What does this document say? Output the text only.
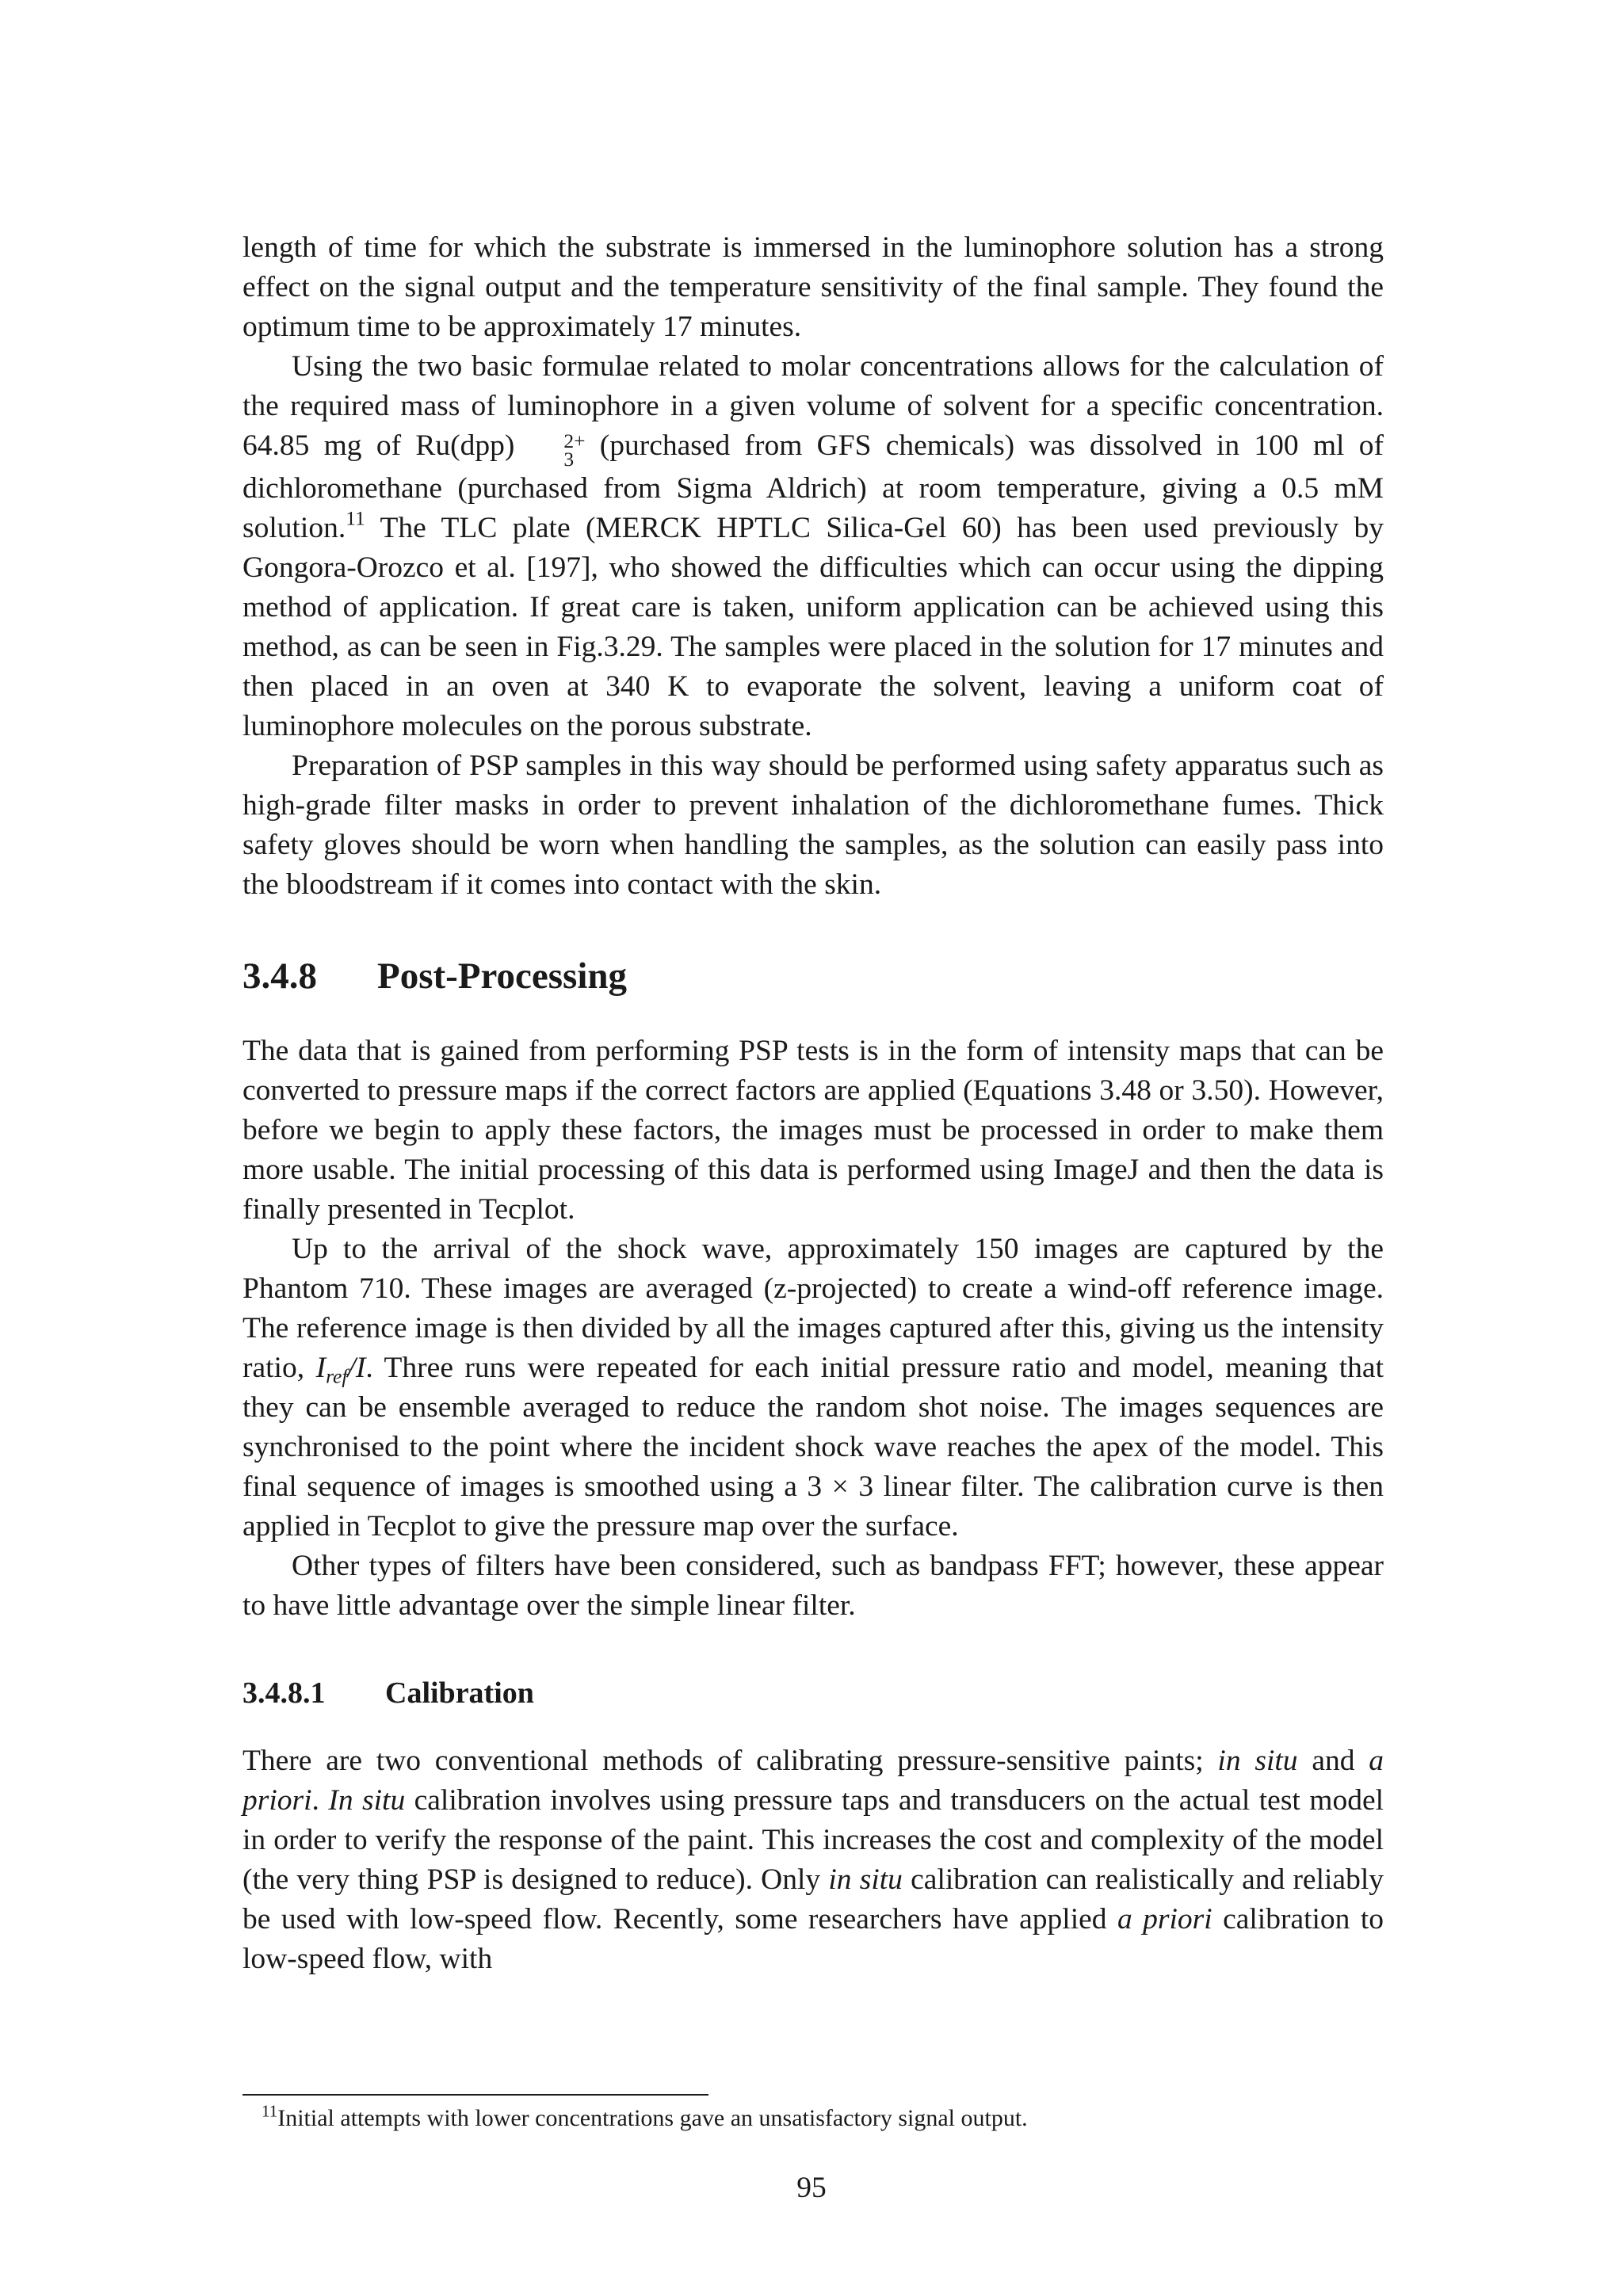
length of time for which the substrate is immersed in the luminophore solution has a strong effect on the signal output and the temperature sensitivity of the final sample. They found the optimum time to be approximately 17 minutes.

Using the two basic formulae related to molar concentrations allows for the calculation of the required mass of luminophore in a given volume of solvent for a specific concentration. 64.85 mg of Ru(dpp)	2+
3 (purchased from GFS chemicals) was dissolved in 100 ml of dichloromethane (purchased from Sigma Aldrich) at room temperature, giving a 0.5 mM solution.$^{11}$ The TLC plate (MERCK HPTLC Silica-Gel 60) has been used previously by Gongora-Orozco et al. [197], who showed the difficulties which can occur using the dipping method of application. If great care is taken, uniform application can be achieved using this method, as can be seen in Fig.3.29. The samples were placed in the solution for 17 minutes and then placed in an oven at 340 K to evaporate the solvent, leaving a uniform coat of luminophore molecules on the porous substrate.

Preparation of PSP samples in this way should be performed using safety apparatus such as high-grade filter masks in order to prevent inhalation of the dichloromethane fumes. Thick safety gloves should be worn when handling the samples, as the solution can easily pass into the bloodstream if it comes into contact with the skin.

3.4.8 Post-Processing

The data that is gained from performing PSP tests is in the form of intensity maps that can be converted to pressure maps if the correct factors are applied (Equations 3.48 or 3.50). However, before we begin to apply these factors, the images must be processed in order to make them more usable. The initial processing of this data is performed using ImageJ and then the data is finally presented in Tecplot.

Up to the arrival of the shock wave, approximately 150 images are captured by the Phantom 710. These images are averaged (z-projected) to create a wind-off reference image. The reference image is then divided by all the images captured after this, giving us the intensity ratio, $I_{ref}/I$. Three runs were repeated for each initial pressure ratio and model, meaning that they can be ensemble averaged to reduce the random shot noise. The images sequences are synchronised to the point where the incident shock wave reaches the apex of the model. This final sequence of images is smoothed using a 3 × 3 linear filter. The calibration curve is then applied in Tecplot to give the pressure map over the surface.

Other types of filters have been considered, such as bandpass FFT; however, these appear to have little advantage over the simple linear filter.

3.4.8.1 Calibration

There are two conventional methods of calibrating pressure-sensitive paints; in situ and a priori. In situ calibration involves using pressure taps and transducers on the actual test model in order to verify the response of the paint. This increases the cost and complexity of the model (the very thing PSP is designed to reduce). Only in situ calibration can realistically and reliably be used with low-speed flow. Recently, some researchers have applied a priori calibration to low-speed flow, with

$^{11}$Initial attempts with lower concentrations gave an unsatisfactory signal output.
95
